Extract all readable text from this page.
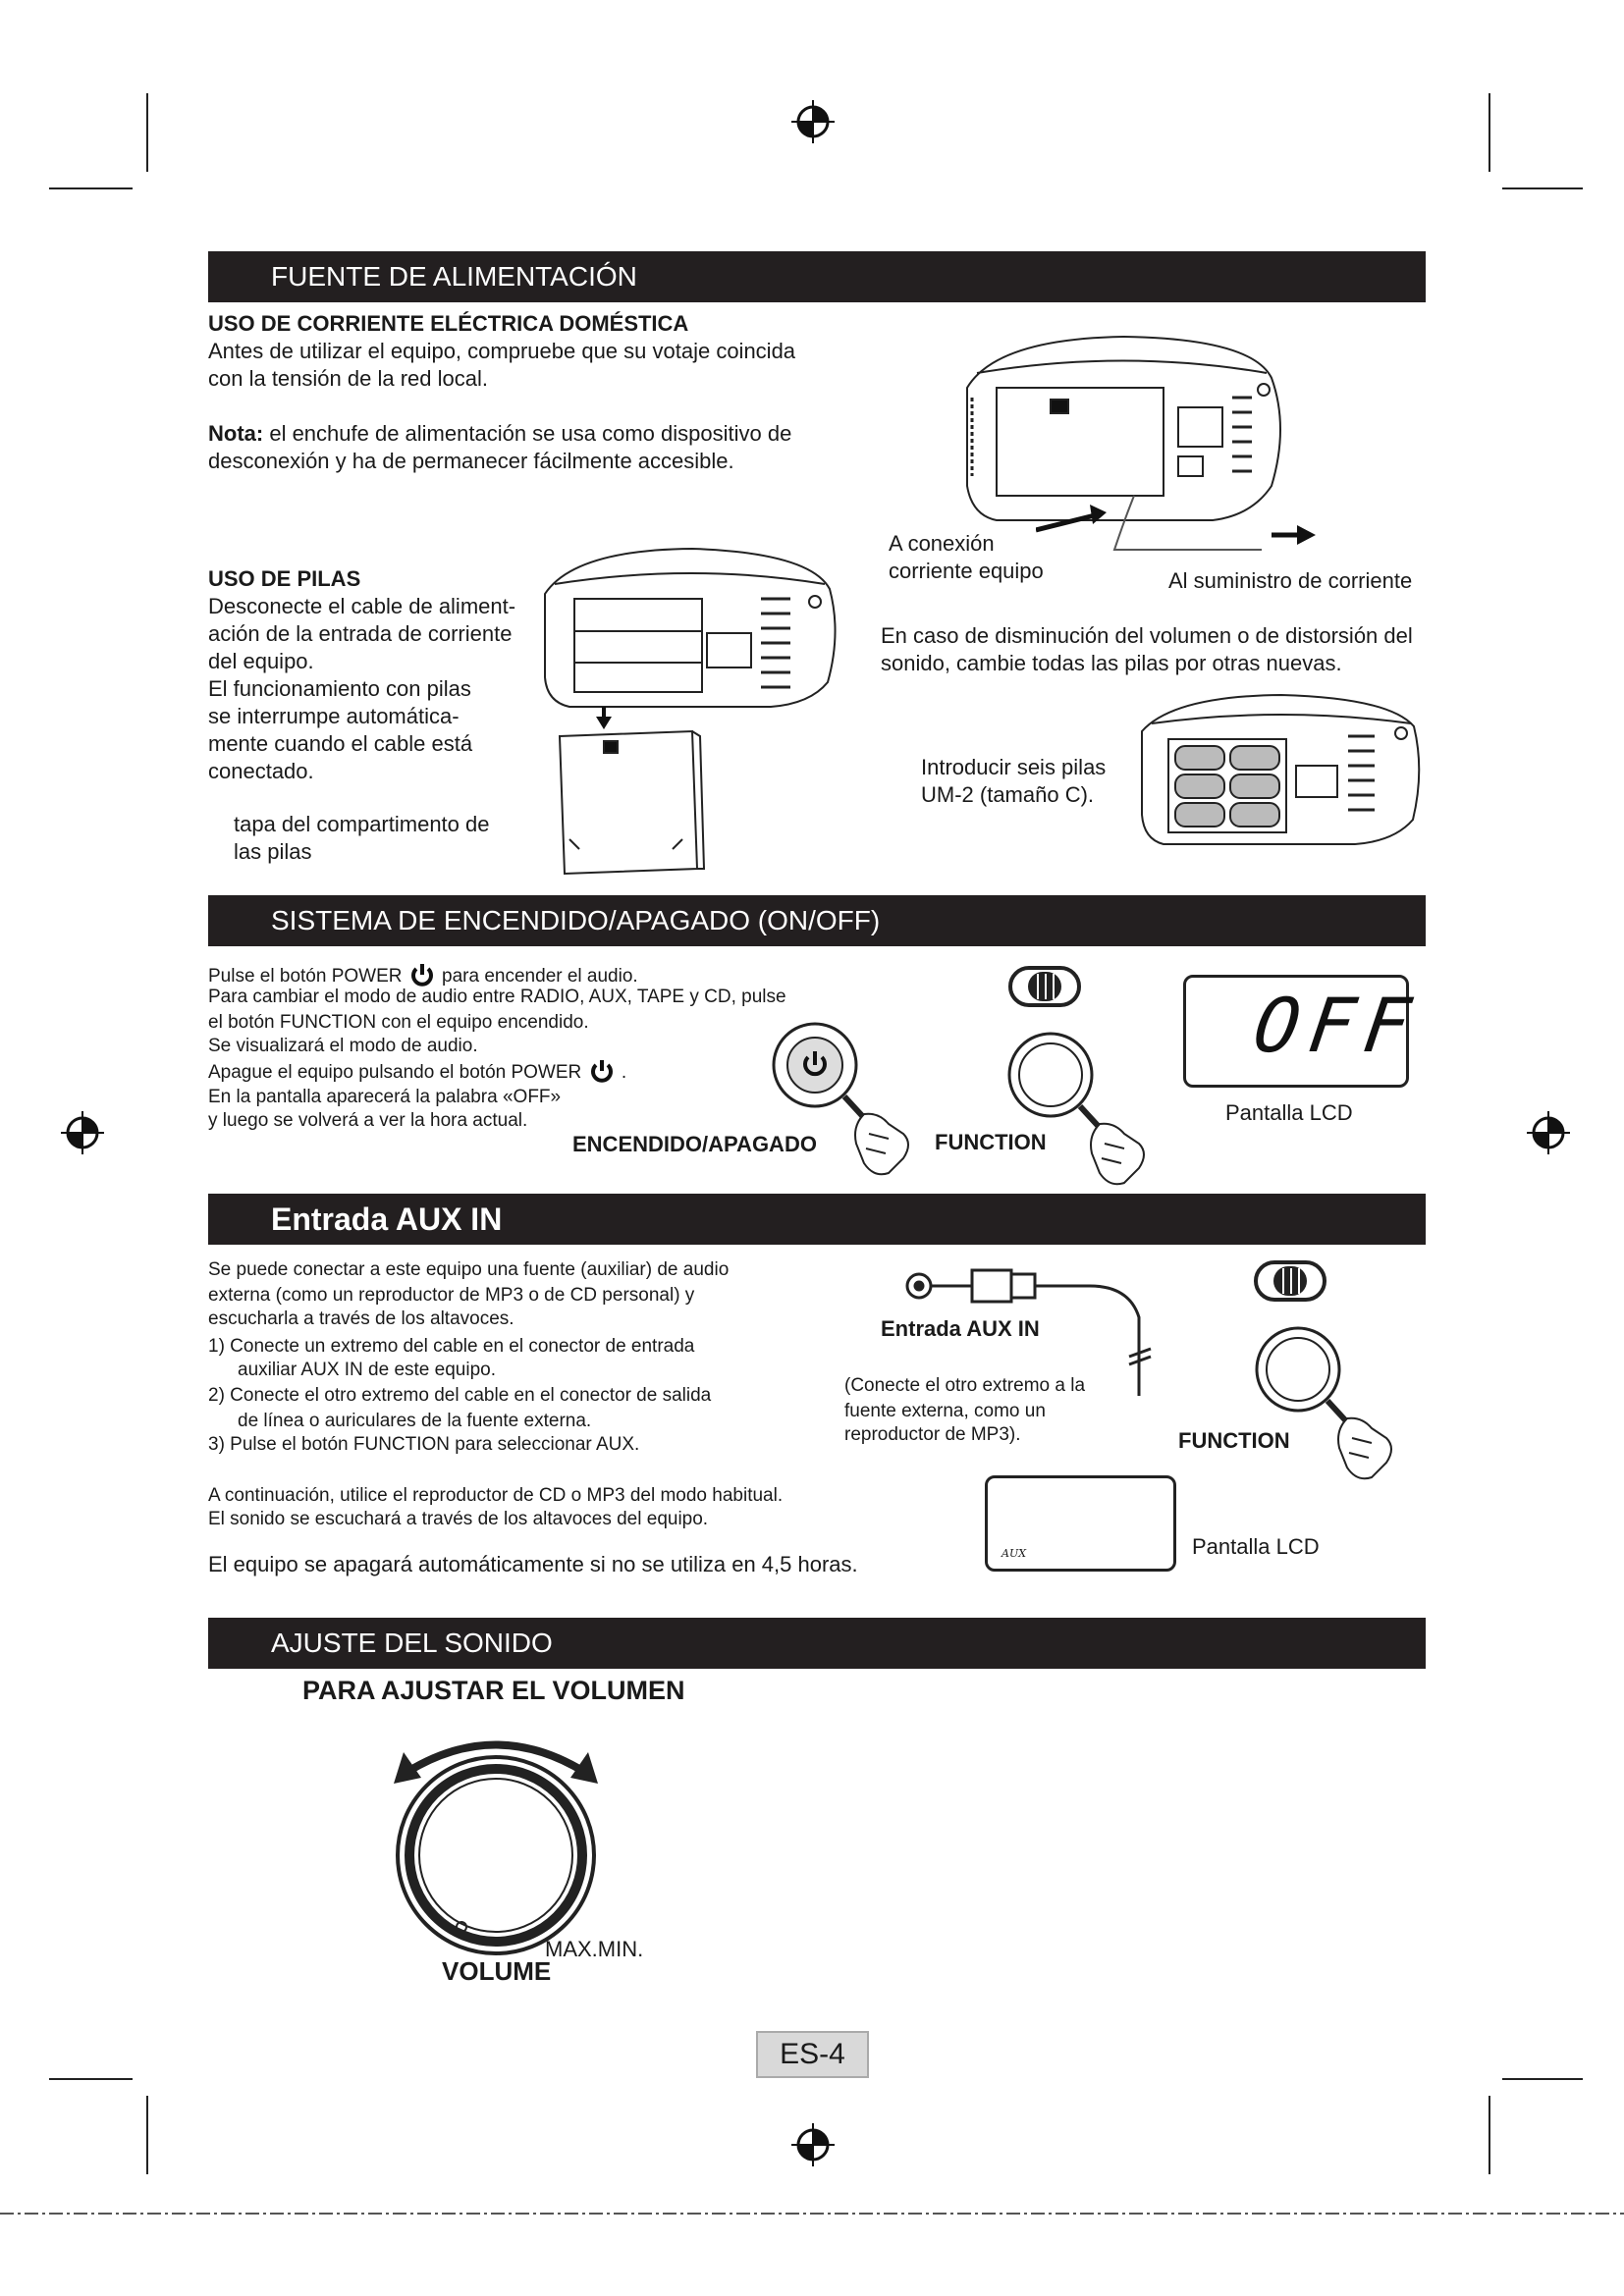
FUENTE DE ALIMENTACIÓN
USO DE CORRIENTE ELÉCTRICA DOMÉSTICA
Antes de utilizar el equipo, compruebe que su votaje coincida
con la tensión de la red local.
Nota: el enchufe de alimentación se usa como dispositivo de
desconexión y ha de permanecer fácilmente accesible.
A conexión
corriente equipo	Al suministro de corriente
USO DE PILAS
Desconecte el cable de aliment-
ación de la entrada de corriente
del equipo.
El funcionamiento con pilas
se interrumpe automática-
mente cuando el cable está
conectado.
tapa del compartimento de
las pilas
En caso de disminución del volumen o de distorsión del
sonido, cambie todas las pilas por otras nuevas.
Introducir seis pilas
UM-2 (tamaño C).
SISTEMA DE ENCENDIDO/APAGADO (ON/OFF)
Pulse el botón POWER  para encender el audio.
Para cambiar el modo de audio entre RADIO, AUX, TAPE y CD, pulse
el botón FUNCTION con el equipo encendido.
Se visualizará el modo de audio.
Apague el equipo pulsando el botón POWER .
En la pantalla aparecerá la palabra «OFF»
y luego se volverá a ver la hora actual.
ENCENDIDO/APAGADO	FUNCTION
OFF
Pantalla LCD
Entrada AUX IN
Se puede conectar a este equipo una fuente (auxiliar) de audio
externa (como un reproductor de MP3 o de CD personal) y
escucharla a través de los altavoces.
1) Conecte un extremo del cable en el conector de entrada
auxiliar AUX IN de este equipo.
2) Conecte el otro extremo del cable en el conector de salida
de línea o auriculares de la fuente externa.
3) Pulse el botón FUNCTION para seleccionar AUX.
A continuación, utilice el reproductor de CD o MP3 del modo habitual.
El sonido se escuchará a través de los altavoces del equipo.
El equipo se apagará automáticamente si no se utiliza en 4,5 horas.
Entrada AUX IN
(Conecte el otro extremo a la
fuente externa, como un
reproductor de MP3).	FUNCTION
AUX	Pantalla LCD
AJUSTE DEL SONIDO
PARA AJUSTAR EL VOLUMEN
MAX.MIN.
VOLUME
ES-4
